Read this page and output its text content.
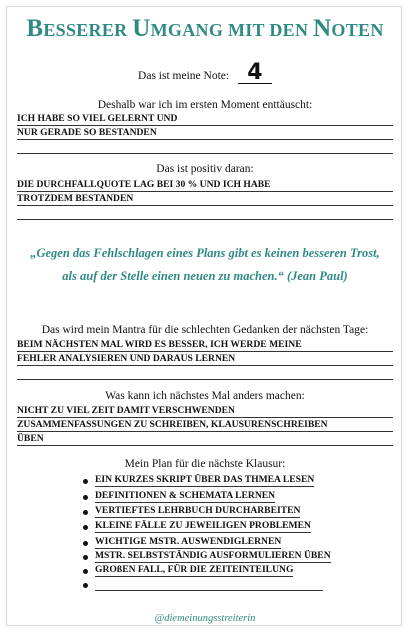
BESSERER UMGANG MIT DEN NOTEN
Das ist meine Note: 4
Deshalb war ich im ersten Moment enttäuscht:
ICH HABE SO VIEL GELERNT UND
NUR GERADE SO BESTANDEN
Das ist positiv daran:
DIE DURCHFALLQUOTE LAG BEI 30 % UND ICH HABE
TROTZDEM BESTANDEN
„Gegen das Fehlschlagen eines Plans gibt es keinen besseren Trost,
als auf der Stelle einen neuen zu machen.“ (Jean Paul)
Das wird mein Mantra für die schlechten Gedanken der nächsten Tage:
BEIM NÄCHSTEN MAL WIRD ES BESSER, ICH WERDE MEINE
FEHLER ANALYSIEREN UND DARAUS LERNEN
Was kann ich nächstes Mal anders machen:
NICHT ZU VIEL ZEIT DAMIT VERSCHWENDEN
ZUSAMMENFASSUNGEN ZU SCHREIBEN, KLAUSURENSCHREIBEN
ÜBEN
Mein Plan für die nächste Klausur:
EIN KURZES SKRIPT ÜBER DAS THMEA LESEN
DEFINITIONEN & SCHEMATA LERNEN
VERTIEFTES LEHRBUCH DURCHARBEITEN
KLEINE FÄLLE ZU JEWEILIGEN PROBLEMEN
WICHTIGE MSTR. AUSWENDIGLERNEN
MSTR. SELBSTSTÄNDIG AUSFORMULIEREN ÜBEN
GROßEN FALL, FÜR DIE ZEITEINTEILUNG
@diemeinungsstreiterin
